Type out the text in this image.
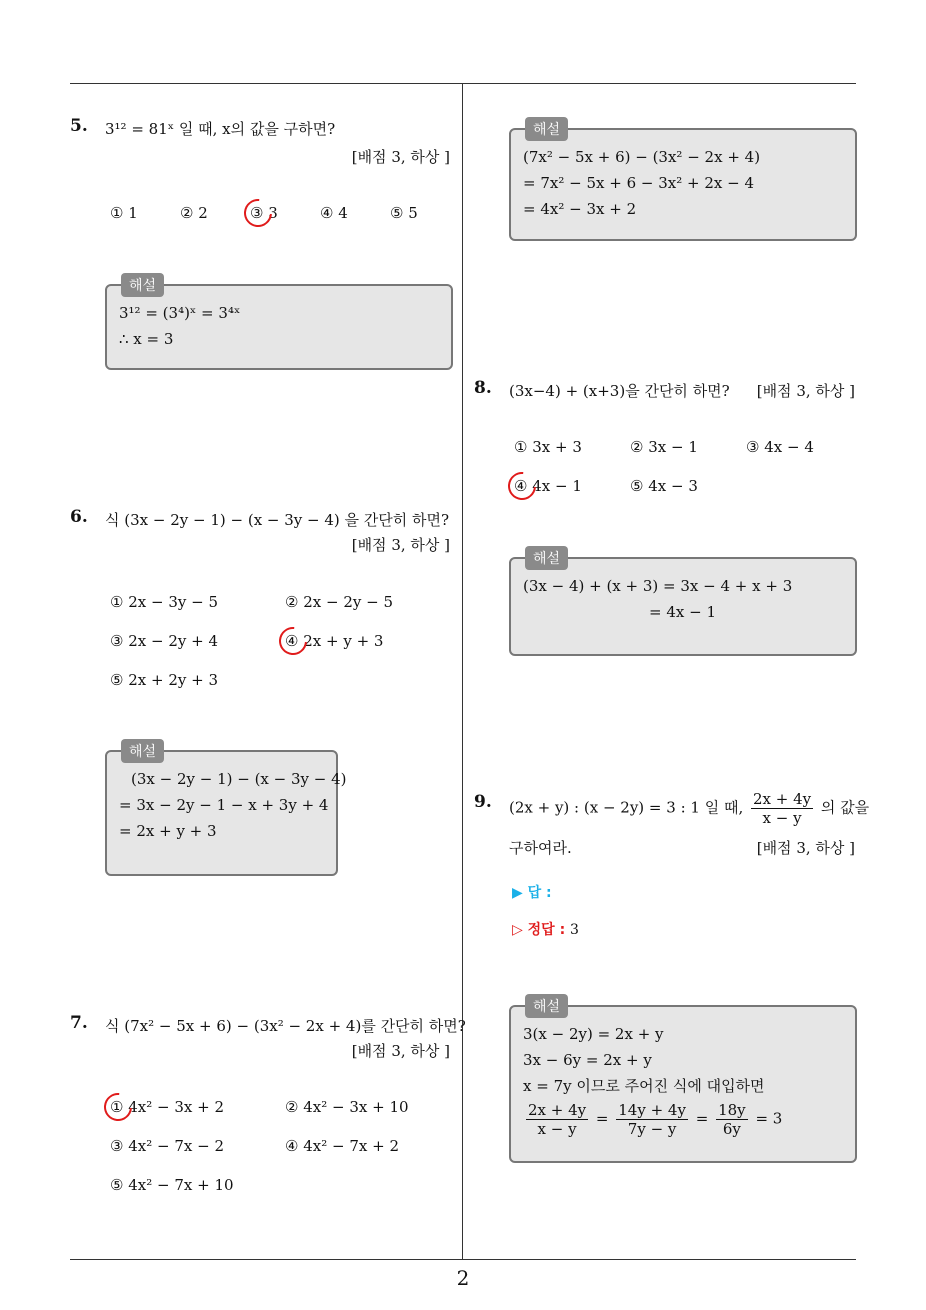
5. 3¹² = 81ˣ 일 때, x의 값을 구하면?
[배점 3, 하상 ]
① 1	② 2	③ 3	④ 4	⑤ 5
해설
3¹² = (3⁴)ˣ = 3⁴ˣ
∴ x = 3
6. 식 (3x − 2y − 1) − (x − 3y − 4) 을 간단히 하면?
[배점 3, 하상 ]
① 2x − 3y − 5	② 2x − 2y − 5
③ 2x − 2y + 4	④ 2x + y + 3
⑤ 2x + 2y + 3
해설
(3x − 2y − 1) − (x − 3y − 4)
= 3x − 2y − 1 − x + 3y + 4
= 2x + y + 3
7. 식 (7x² − 5x + 6) − (3x² − 2x + 4)를 간단히 하면?
[배점 3, 하상 ]
① 4x² − 3x + 2	② 4x² − 3x + 10
③ 4x² − 7x − 2	④ 4x² − 7x + 2
⑤ 4x² − 7x + 10
해설
(7x² − 5x + 6) − (3x² − 2x + 4)
= 7x² − 5x + 6 − 3x² + 2x − 4
= 4x² − 3x + 2
8. (3x−4) + (x+3)을 간단히 하면?	[배점 3, 하상 ]
① 3x + 3	② 3x − 1	③ 4x − 4
④ 4x − 1	⑤ 4x − 3
해설
(3x − 4) + (x + 3) = 3x − 4 + x + 3
= 4x − 1
9. (2x + y) : (x − 2y) = 3 : 1 일 때, $\frac{2x + 4y}{x - y}$ 의 값을
구하여라.	[배점 3, 하상 ]
▶ 답 :
▷ 정답 : 3
해설
3(x − 2y) = 2x + y
3x − 6y = 2x + y
x = 7y 이므로 주어진 식에 대입하면
$\frac{2x + 4y}{x - y} = \frac{14y + 4y}{7y - y} = \frac{18y}{6y} = 3$
2
